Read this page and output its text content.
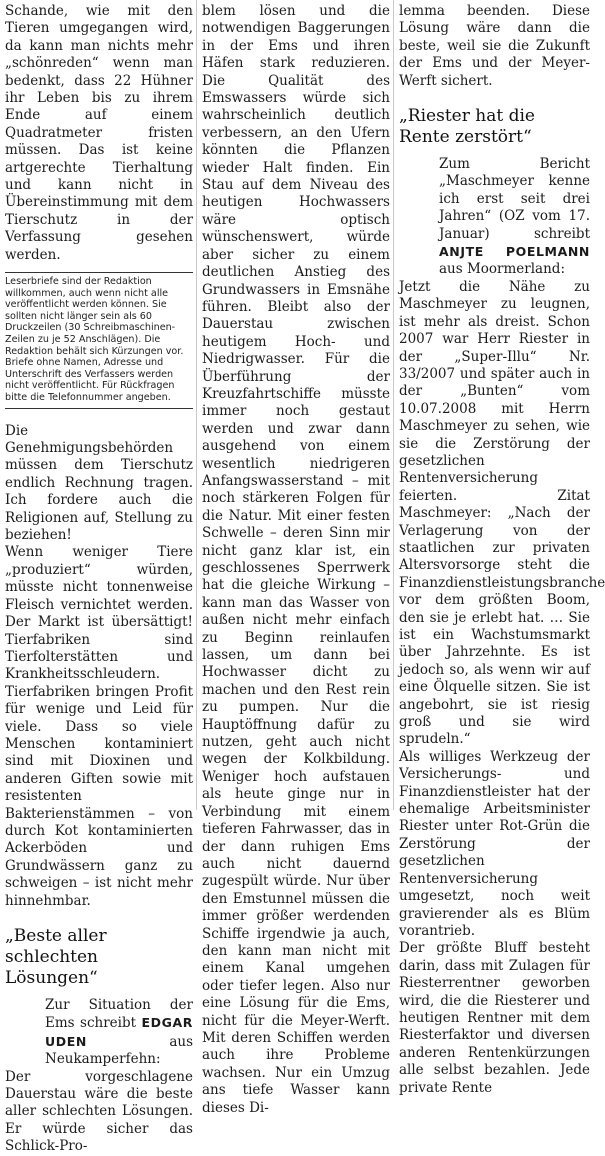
Schande, wie mit den Tieren umgegangen wird, da kann man nichts mehr „schönreden“ wenn man bedenkt, dass 22 Hühner ihr Leben bis zu ihrem Ende auf einem Quadratmeter fristen müssen. Das ist keine artgerechte Tierhaltung und kann nicht in Übereinstimmung mit dem Tierschutz in der Verfassung gesehen werden.

Leserbriefe sind der Redaktion willkommen, auch wenn nicht alle veröffentlicht werden können. Sie sollten nicht länger sein als 60 Druckzeilen (30 Schreibmaschinen-Zeilen zu je 52 Anschlägen). Die Redaktion behält sich Kürzungen vor. Briefe ohne Namen, Adresse und Unterschrift des Verfassers werden nicht veröffentlicht. Für Rückfragen bitte die Telefonnummer angeben.

Die Genehmigungsbehörden müssen dem Tierschutz endlich Rechnung tragen. Ich fordere auch die Religionen auf, Stellung zu beziehen!

Wenn weniger Tiere „produziert“ würden, müsste nicht tonnenweise Fleisch vernichtet werden. Der Markt ist übersättigt! Tierfabriken sind Tierfolterstätten und Krankheitsschleudern. Tierfabriken bringen Profit für wenige und Leid für viele. Dass so viele Menschen kontaminiert sind mit Dioxinen und anderen Giften sowie mit resistenten Bakterienstämmen – von durch Kot kontaminierten Ackerböden und Grundwässern ganz zu schweigen – ist nicht mehr hinnehmbar.

„Beste aller schlechten Lösungen“

Zur Situation der Ems schreibt EDGAR UDEN aus Neukamperfehn:

Der vorgeschlagene Dauerstau wäre die beste aller schlechten Lösungen. Er würde sicher das Schlick-Pro-

blem lösen und die notwendigen Baggerungen in der Ems und ihren Häfen stark reduzieren. Die Qualität des Emswassers würde sich wahrscheinlich deutlich verbessern, an den Ufern könnten die Pflanzen wieder Halt finden. Ein Stau auf dem Niveau des heutigen Hochwassers wäre optisch wünschenswert, würde aber sicher zu einem deutlichen Anstieg des Grundwassers in Emsnähe führen. Bleibt also der Dauerstau zwischen heutigem Hoch- und Niedrigwasser. Für die Überführung der Kreuzfahrtschiffe müsste immer noch gestaut werden und zwar dann ausgehend von einem wesentlich niedrigeren Anfangswasserstand – mit noch stärkeren Folgen für die Natur. Mit einer festen Schwelle – deren Sinn mir nicht ganz klar ist, ein geschlossenes Sperrwerk hat die gleiche Wirkung – kann man das Wasser von außen nicht mehr einfach zu Beginn reinlaufen lassen, um dann bei Hochwasser dicht zu machen und den Rest rein zu pumpen. Nur die Hauptöffnung dafür zu nutzen, geht auch nicht wegen der Kolkbildung. Weniger hoch aufstauen als heute ginge nur in Verbindung mit einem tieferen Fahrwasser, das in der dann ruhigen Ems auch nicht dauernd zugespült würde. Nur über den Emstunnel müssen die immer größer werdenden Schiffe irgendwie ja auch, den kann man nicht mit einem Kanal umgehen oder tiefer legen. Also nur eine Lösung für die Ems, nicht für die Meyer-Werft. Mit deren Schiffen werden auch ihre Probleme wachsen. Nur ein Umzug ans tiefe Wasser kann dieses Di-

lemma beenden. Diese Lösung wäre dann die beste, weil sie die Zukunft der Ems und der Meyer-Werft sichert.

„Riester hat die Rente zerstört“

Zum Bericht „Maschmeyer kenne ich erst seit drei Jahren“ (OZ vom 17. Januar) schreibt ANJTE POELMANN aus Moormerland:

Jetzt die Nähe zu Maschmeyer zu leugnen, ist mehr als dreist. Schon 2007 war Herr Riester in der „Super-Illu“ Nr. 33/2007 und später auch in der „Bunten“ vom 10.07.2008 mit Herrn Maschmeyer zu sehen, wie sie die Zerstörung der gesetzlichen Rentenversicherung feierten. Zitat Maschmeyer: „Nach der Verlagerung von der staatlichen zur privaten Altersvorsorge steht die Finanzdienstleistungsbranche vor dem größten Boom, den sie je erlebt hat. … Sie ist ein Wachstumsmarkt über Jahrzehnte. Es ist jedoch so, als wenn wir auf eine Ölquelle sitzen. Sie ist angebohrt, sie ist riesig groß und sie wird sprudeln.“

Als williges Werkzeug der Versicherungs- und Finanzdienstleister hat der ehemalige Arbeitsminister Riester unter Rot-Grün die Zerstörung der gesetzlichen Rentenversicherung umgesetzt, noch weit gravierender als es Blüm vorantrieb.

Der größte Bluff besteht darin, dass mit Zulagen für Riesterrentner geworben wird, die die Riesterer und heutigen Rentner mit dem Riesterfaktor und diversen anderen Rentenkürzungen alle selbst bezahlen. Jede private Rente
